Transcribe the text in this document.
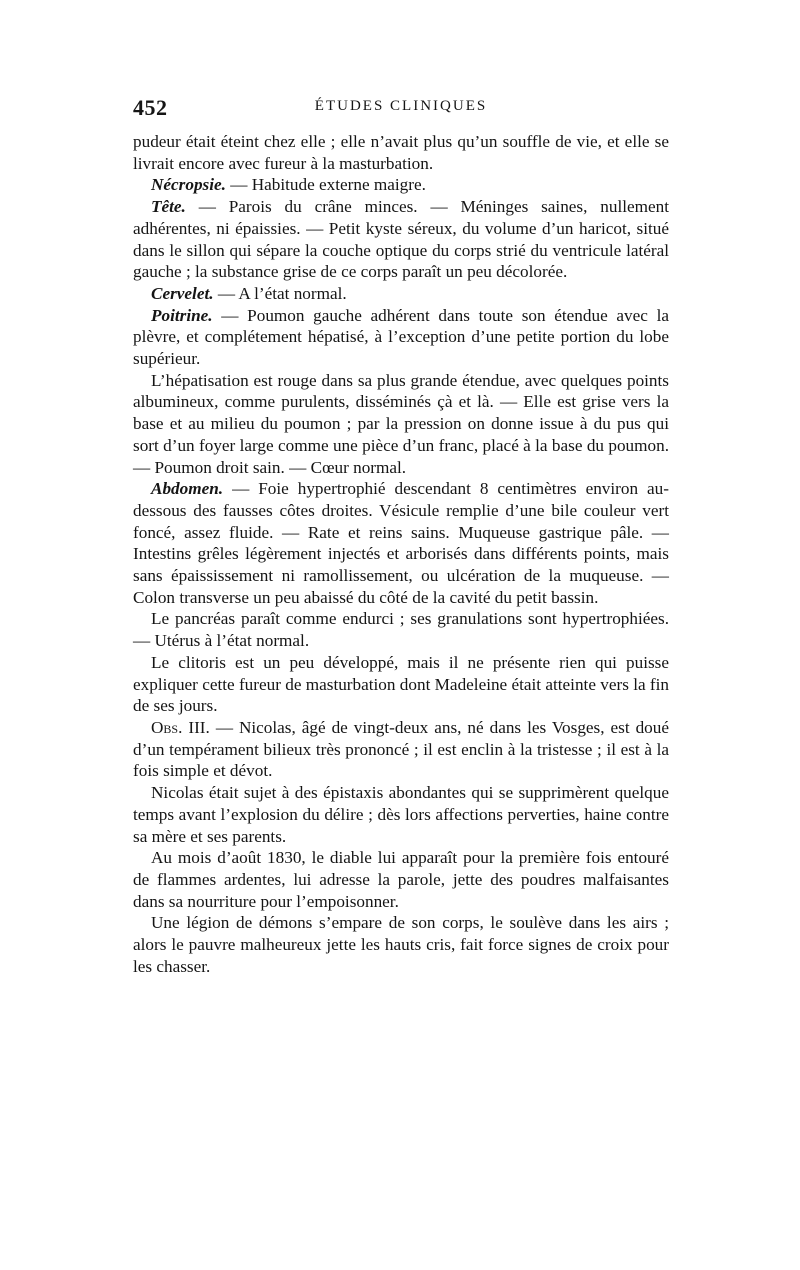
452	ÉTUDES CLINIQUES

pudeur était éteint chez elle ; elle n’avait plus qu’un souffle de vie, et elle se livrait encore avec fureur à la masturbation.

Nécropsie. — Habitude externe maigre.

Tête. — Parois du crâne minces. — Méninges saines, nullement adhérentes, ni épaissies. — Petit kyste séreux, du volume d’un haricot, situé dans le sillon qui sépare la couche optique du corps strié du ventricule latéral gauche ; la substance grise de ce corps paraît un peu décolorée.

Cervelet. — A l’état normal.

Poitrine. — Poumon gauche adhérent dans toute son étendue avec la plèvre, et complétement hépatisé, à l’exception d’une petite portion du lobe supérieur.

L’hépatisation est rouge dans sa plus grande étendue, avec quelques points albumineux, comme purulents, disséminés çà et là. — Elle est grise vers la base et au milieu du poumon ; par la pression on donne issue à du pus qui sort d’un foyer large comme une pièce d’un franc, placé à la base du poumon. — Poumon droit sain. — Cœur normal.

Abdomen. — Foie hypertrophié descendant 8 centimètres environ au-dessous des fausses côtes droites. Vésicule remplie d’une bile couleur vert foncé, assez fluide. — Rate et reins sains. Muqueuse gastrique pâle. — Intestins grêles légèrement injectés et arborisés dans différents points, mais sans épaississement ni ramollissement, ou ulcération de la muqueuse. — Colon transverse un peu abaissé du côté de la cavité du petit bassin.

Le pancréas paraît comme endurci ; ses granulations sont hypertrophiées. — Utérus à l’état normal.

Le clitoris est un peu développé, mais il ne présente rien qui puisse expliquer cette fureur de masturbation dont Madeleine était atteinte vers la fin de ses jours.

Obs. III. — Nicolas, âgé de vingt-deux ans, né dans les Vosges, est doué d’un tempérament bilieux très prononcé ; il est enclin à la tristesse ; il est à la fois simple et dévot.

Nicolas était sujet à des épistaxis abondantes qui se supprimèrent quelque temps avant l’explosion du délire ; dès lors affections perverties, haine contre sa mère et ses parents.

Au mois d’août 1830, le diable lui apparaît pour la première fois entouré de flammes ardentes, lui adresse la parole, jette des poudres malfaisantes dans sa nourriture pour l’empoisonner.

Une légion de démons s’empare de son corps, le soulève dans les airs ; alors le pauvre malheureux jette les hauts cris, fait force signes de croix pour les chasser.
